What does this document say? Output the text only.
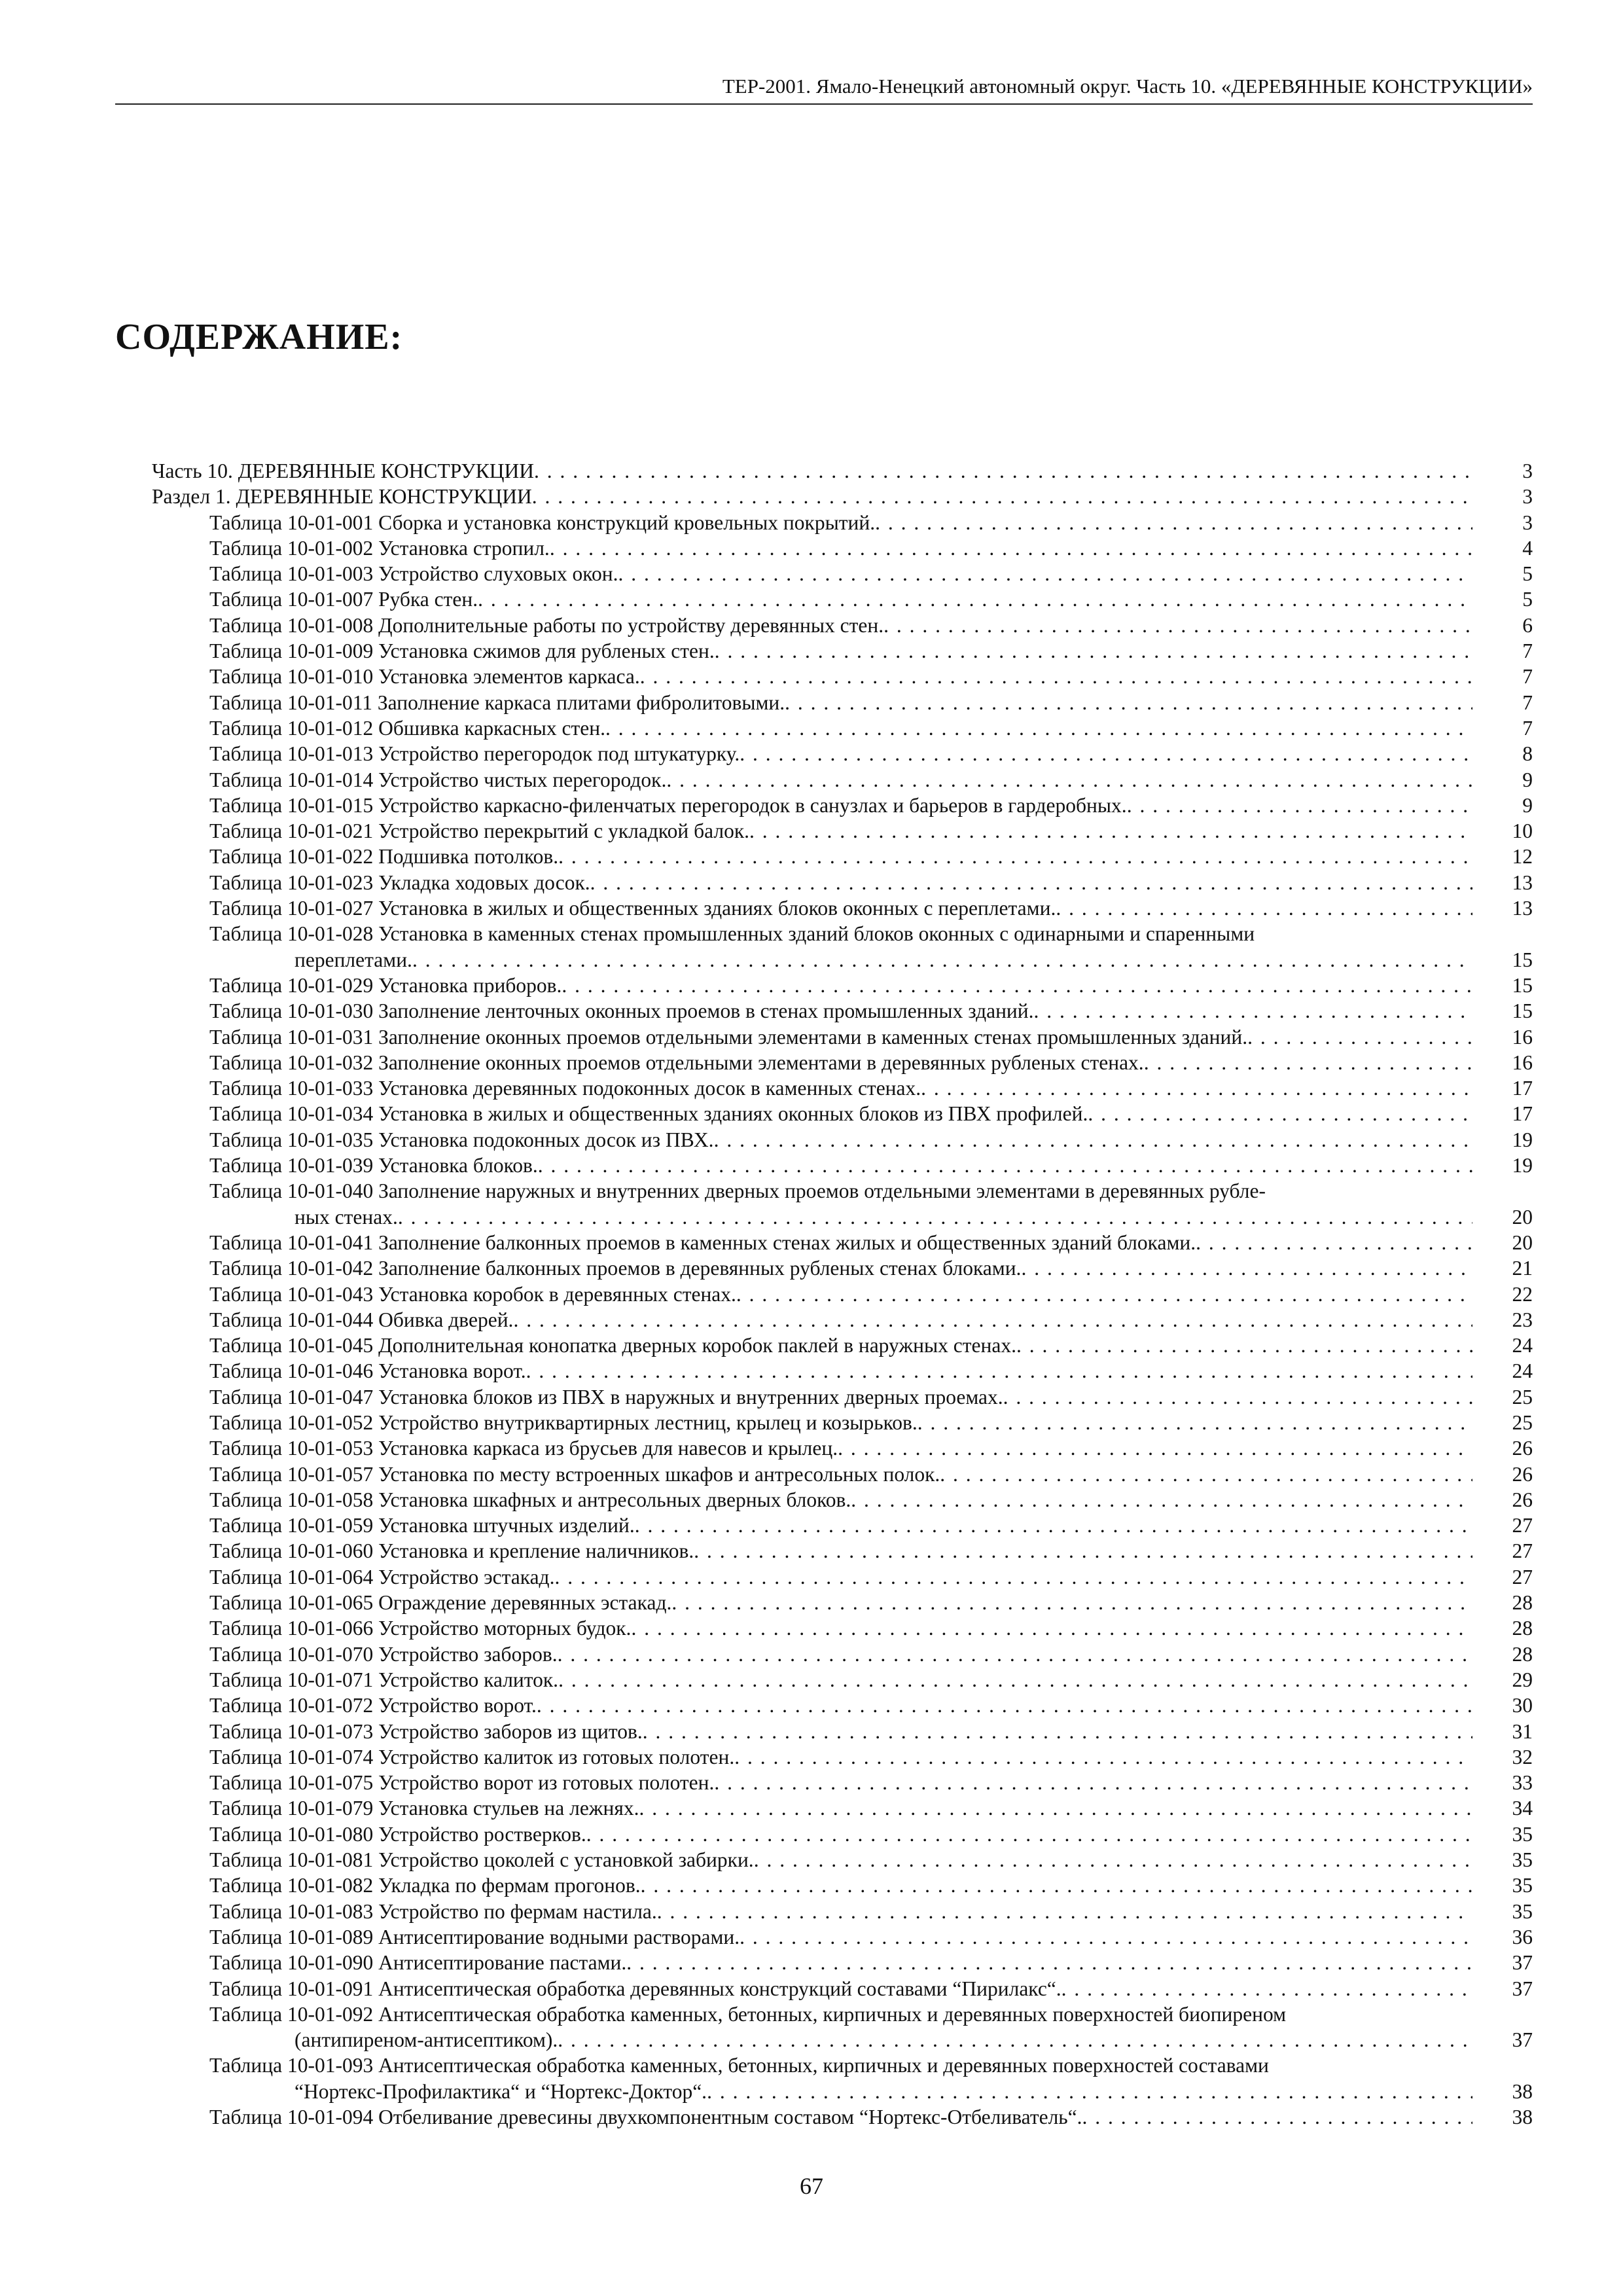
ТЕР-2001. Ямало-Ненецкий автономный округ. Часть 10. «ДЕРЕВЯННЫЕ КОНСТРУКЦИИ»
СОДЕРЖАНИЕ:
Часть 10. ДЕРЕВЯННЫЕ КОНСТРУКЦИИ . . .	3
Раздел 1. ДЕРЕВЯННЫЕ КОНСТРУКЦИИ . . .	3
Таблица 10-01-001 Сборка и установка конструкций кровельных покрытий. . . .	3
Таблица 10-01-002 Установка стропил. . . .	4
Таблица 10-01-003 Устройство слуховых окон. . . .	5
Таблица 10-01-007 Рубка стен. . . .	5
Таблица 10-01-008 Дополнительные работы по устройству деревянных стен. . . .	6
Таблица 10-01-009 Установка сжимов для рубленых стен. . . .	7
Таблица 10-01-010 Установка элементов каркаса. . . .	7
Таблица 10-01-011 Заполнение каркаса плитами фибролитовыми. . . .	7
Таблица 10-01-012 Обшивка каркасных стен. . . .	7
Таблица 10-01-013 Устройство перегородок под штукатурку. . . .	8
Таблица 10-01-014 Устройство чистых перегородок. . . .	9
Таблица 10-01-015 Устройство каркасно-филенчатых перегородок в санузлах и барьеров в гардеробных. . . .	9
Таблица 10-01-021 Устройство перекрытий с укладкой балок. . . .	10
Таблица 10-01-022 Подшивка потолков. . . .	12
Таблица 10-01-023 Укладка ходовых досок. . . .	13
Таблица 10-01-027 Установка в жилых и общественных зданиях блоков оконных с переплетами. . . .	13
Таблица 10-01-028 Установка в каменных стенах промышленных зданий блоков оконных с одинарными и спаренными
переплетами. . . .	15
Таблица 10-01-029 Установка приборов. . . .	15
Таблица 10-01-030 Заполнение ленточных оконных проемов в стенах промышленных зданий. . . .	15
Таблица 10-01-031 Заполнение оконных проемов отдельными элементами в каменных стенах промышленных зданий. . . .	16
Таблица 10-01-032 Заполнение оконных проемов отдельными элементами в деревянных рубленых стенах. . . .	16
Таблица 10-01-033 Установка деревянных подоконных досок в каменных стенах. . . .	17
Таблица 10-01-034 Установка в жилых и общественных зданиях оконных блоков из ПВХ профилей. . . .	17
Таблица 10-01-035 Установка подоконных досок из ПВХ. . . .	19
Таблица 10-01-039 Установка блоков. . . .	19
Таблица 10-01-040 Заполнение наружных и внутренних дверных проемов отдельными элементами в деревянных рубле-
ных стенах. . . .	20
Таблица 10-01-041 Заполнение балконных проемов в каменных стенах жилых и общественных зданий блоками. . . .	20
Таблица 10-01-042 Заполнение балконных проемов в деревянных рубленых стенах блоками. . . .	21
Таблица 10-01-043 Установка коробок в деревянных стенах. . . .	22
Таблица 10-01-044 Обивка дверей. . . .	23
Таблица 10-01-045 Дополнительная конопатка дверных коробок паклей в наружных стенах. . . .	24
Таблица 10-01-046 Установка ворот. . . .	24
Таблица 10-01-047 Установка блоков из ПВХ в наружных и внутренних дверных проемах. . . .	25
Таблица 10-01-052 Устройство внутриквартирных лестниц, крылец и козырьков. . . .	25
Таблица 10-01-053 Установка каркаса из брусьев для навесов и крылец. . . .	26
Таблица 10-01-057 Установка по месту встроенных шкафов и антресольных полок. . . .	26
Таблица 10-01-058 Установка шкафных и антресольных дверных блоков. . . .	26
Таблица 10-01-059 Установка штучных изделий. . . .	27
Таблица 10-01-060 Установка и крепление наличников. . . .	27
Таблица 10-01-064 Устройство эстакад. . . .	27
Таблица 10-01-065 Ограждение деревянных эстакад. . . .	28
Таблица 10-01-066 Устройство моторных будок. . . .	28
Таблица 10-01-070 Устройство заборов. . . .	28
Таблица 10-01-071 Устройство калиток. . . .	29
Таблица 10-01-072 Устройство ворот. . . .	30
Таблица 10-01-073 Устройство заборов из щитов. . . .	31
Таблица 10-01-074 Устройство калиток из готовых полотен. . . .	32
Таблица 10-01-075 Устройство ворот из готовых полотен. . . .	33
Таблица 10-01-079 Установка стульев на лежнях. . . .	34
Таблица 10-01-080 Устройство ростверков. . . .	35
Таблица 10-01-081 Устройство цоколей с установкой забирки. . . .	35
Таблица 10-01-082 Укладка по фермам прогонов. . . .	35
Таблица 10-01-083 Устройство по фермам настила. . . .	35
Таблица 10-01-089 Антисептирование водными растворами. . . .	36
Таблица 10-01-090 Антисептирование пастами. . . .	37
Таблица 10-01-091 Антисептическая обработка деревянных конструкций составами “Пирилакс“. . . .	37
Таблица 10-01-092 Антисептическая обработка каменных, бетонных, кирпичных и деревянных поверхностей биопиреном
(антипиреном-антисептиком). . . .	37
Таблица 10-01-093 Антисептическая обработка каменных, бетонных, кирпичных и деревянных поверхностей составами
“Нортекс-Профилактика“ и “Нортекс-Доктор“. . . .	38
Таблица 10-01-094 Отбеливание древесины двухкомпонентным составом “Нортекс-Отбеливатель“. . . .	38
67
